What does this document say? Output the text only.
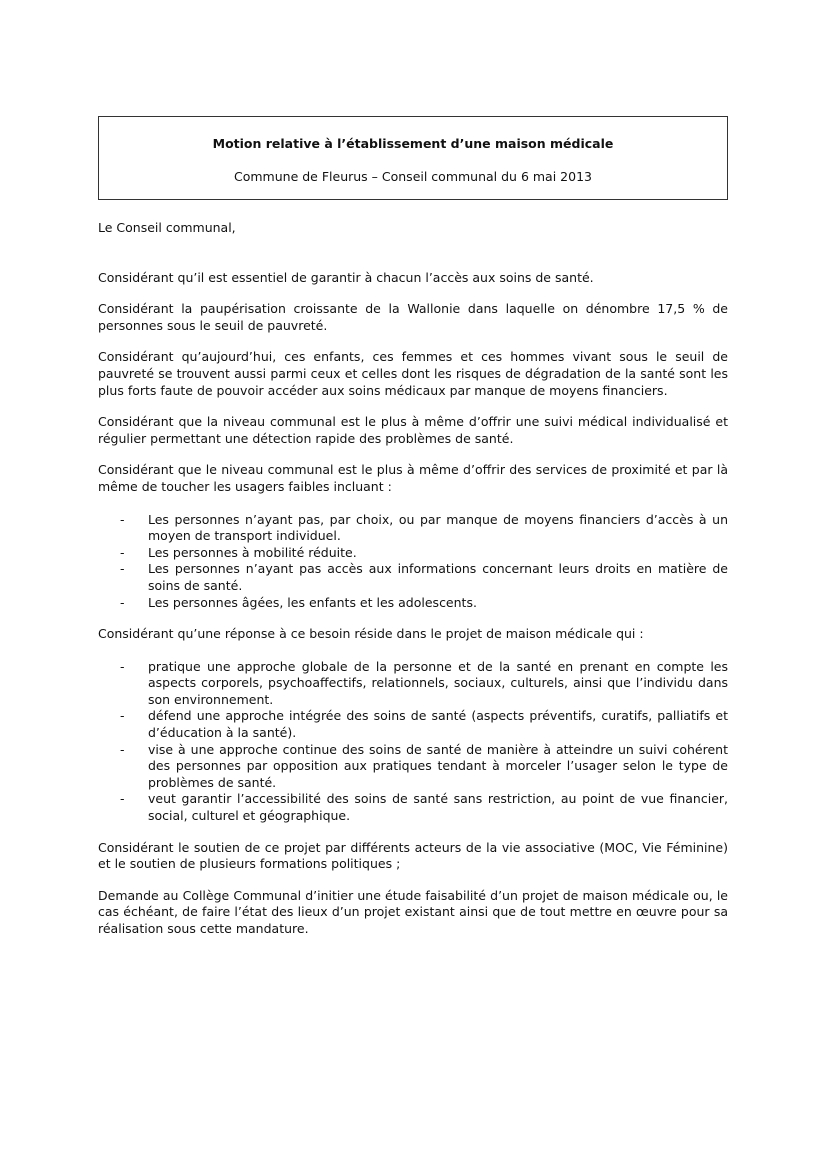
Motion relative à l’établissement d’une maison médicale

Commune de Fleurus – Conseil communal du 6 mai 2013

Le Conseil communal,

Considérant qu’il est essentiel de garantir à chacun l’accès aux soins de santé.

Considérant la paupérisation croissante de la Wallonie dans laquelle on dénombre 17,5 % de personnes sous le seuil de pauvreté.

Considérant qu’aujourd’hui, ces enfants, ces femmes et ces hommes vivant sous le seuil de pauvreté se trouvent aussi parmi ceux et celles dont les risques de dégradation de la santé sont les plus forts faute de pouvoir accéder aux soins médicaux par manque de moyens financiers.

Considérant que la niveau communal est le plus à même d’offrir une suivi médical individualisé et régulier permettant une détection rapide des problèmes de santé.

Considérant que le niveau communal est le plus à même d’offrir des services de proximité et par là même de toucher les usagers faibles incluant :

- Les personnes n’ayant pas, par choix, ou par manque de moyens financiers d’accès à un moyen de transport individuel.
- Les personnes à mobilité réduite.
- Les personnes n’ayant pas accès aux informations concernant leurs droits en matière de soins de santé.
- Les personnes âgées, les enfants et les adolescents.

Considérant qu’une réponse à ce besoin réside dans le projet de maison médicale qui :

- pratique une approche globale de la personne et de la santé en prenant en compte les aspects corporels, psychoaffectifs, relationnels, sociaux, culturels, ainsi que l’individu dans son environnement.
- défend une approche intégrée des soins de santé (aspects préventifs, curatifs, palliatifs et d’éducation à la santé).
- vise à une approche continue des soins de santé de manière à atteindre un suivi cohérent des personnes par opposition aux pratiques tendant à morceler l’usager selon le type de problèmes de santé.
- veut garantir l’accessibilité des soins de santé sans restriction, au point de vue financier, social, culturel et géographique.

Considérant le soutien de ce projet par différents acteurs de la vie associative (MOC, Vie Féminine) et le soutien de plusieurs formations politiques ;

Demande au Collège Communal d’initier une étude faisabilité d’un projet de maison médicale ou, le cas échéant, de faire l’état des lieux d’un projet existant ainsi que de tout mettre en œuvre pour sa réalisation sous cette mandature.
